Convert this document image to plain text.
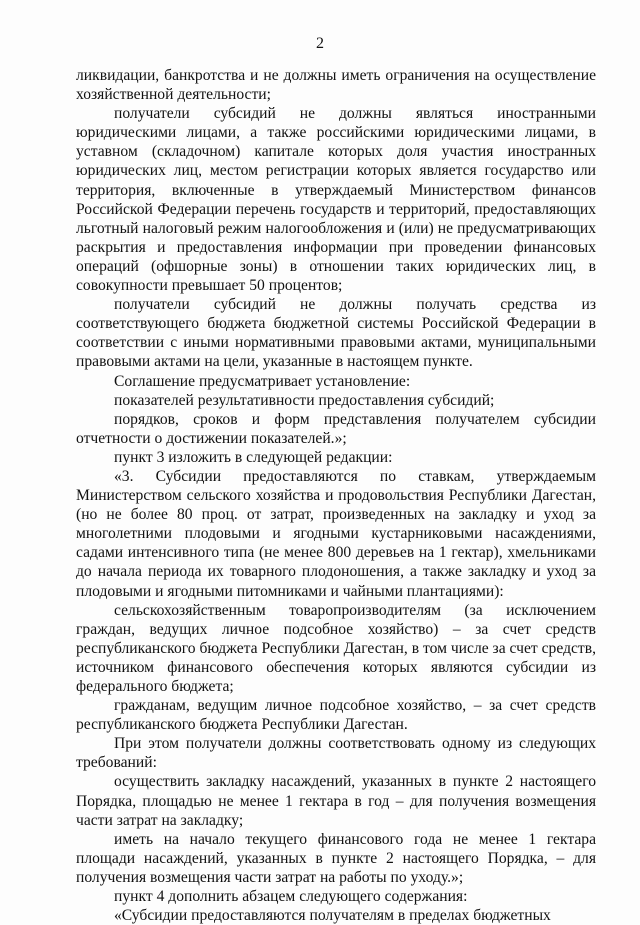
2

ликвидации, банкротства и не должны иметь ограничения на осуществление хозяйственной деятельности;

получатели субсидий не должны являться иностранными юридическими лицами, а также российскими юридическими лицами, в уставном (складочном) капитале которых доля участия иностранных юридических лиц, местом регистрации которых является государство или территория, включенные в утверждаемый Министерством финансов Российской Федерации перечень государств и территорий, предоставляющих льготный налоговый режим налогообложения и (или) не предусматривающих раскрытия и предоставления информации при проведении финансовых операций (офшорные зоны) в отношении таких юридических лиц, в совокупности превышает 50 процентов;

получатели субсидий не должны получать средства из соответствующего бюджета бюджетной системы Российской Федерации в соответствии с иными нормативными правовыми актами, муниципальными правовыми актами на цели, указанные в настоящем пункте.

Соглашение предусматривает установление:

показателей результативности предоставления субсидий;

порядков, сроков и форм представления получателем субсидии отчетности о достижении показателей.»;

пункт 3 изложить в следующей редакции:

«3. Субсидии предоставляются по ставкам, утверждаемым Министерством сельского хозяйства и продовольствия Республики Дагестан, (но не более 80 проц. от затрат, произведенных на закладку и уход за многолетними плодовыми и ягодными кустарниковыми насаждениями, садами интенсивного типа (не менее 800 деревьев на 1 гектар), хмельниками до начала периода их товарного плодоношения, а также закладку и уход за плодовыми и ягодными питомниками и чайными плантациями):

сельскохозяйственным товаропроизводителям (за исключением граждан, ведущих личное подсобное хозяйство) – за счет средств республиканского бюджета Республики Дагестан, в том числе за счет средств, источником финансового обеспечения которых являются субсидии из федерального бюджета;

гражданам, ведущим личное подсобное хозяйство, – за счет средств республиканского бюджета Республики Дагестан.

При этом получатели должны соответствовать одному из следующих требований:

осуществить закладку насаждений, указанных в пункте 2 настоящего Порядка, площадью не менее 1 гектара в год – для получения возмещения части затрат на закладку;

иметь на начало текущего финансового года не менее 1 гектара площади насаждений, указанных в пункте 2 настоящего Порядка, – для получения возмещения части затрат на работы по уходу.»;

пункт 4 дополнить абзацем следующего содержания:

«Субсидии предоставляются получателям в пределах бюджетных
